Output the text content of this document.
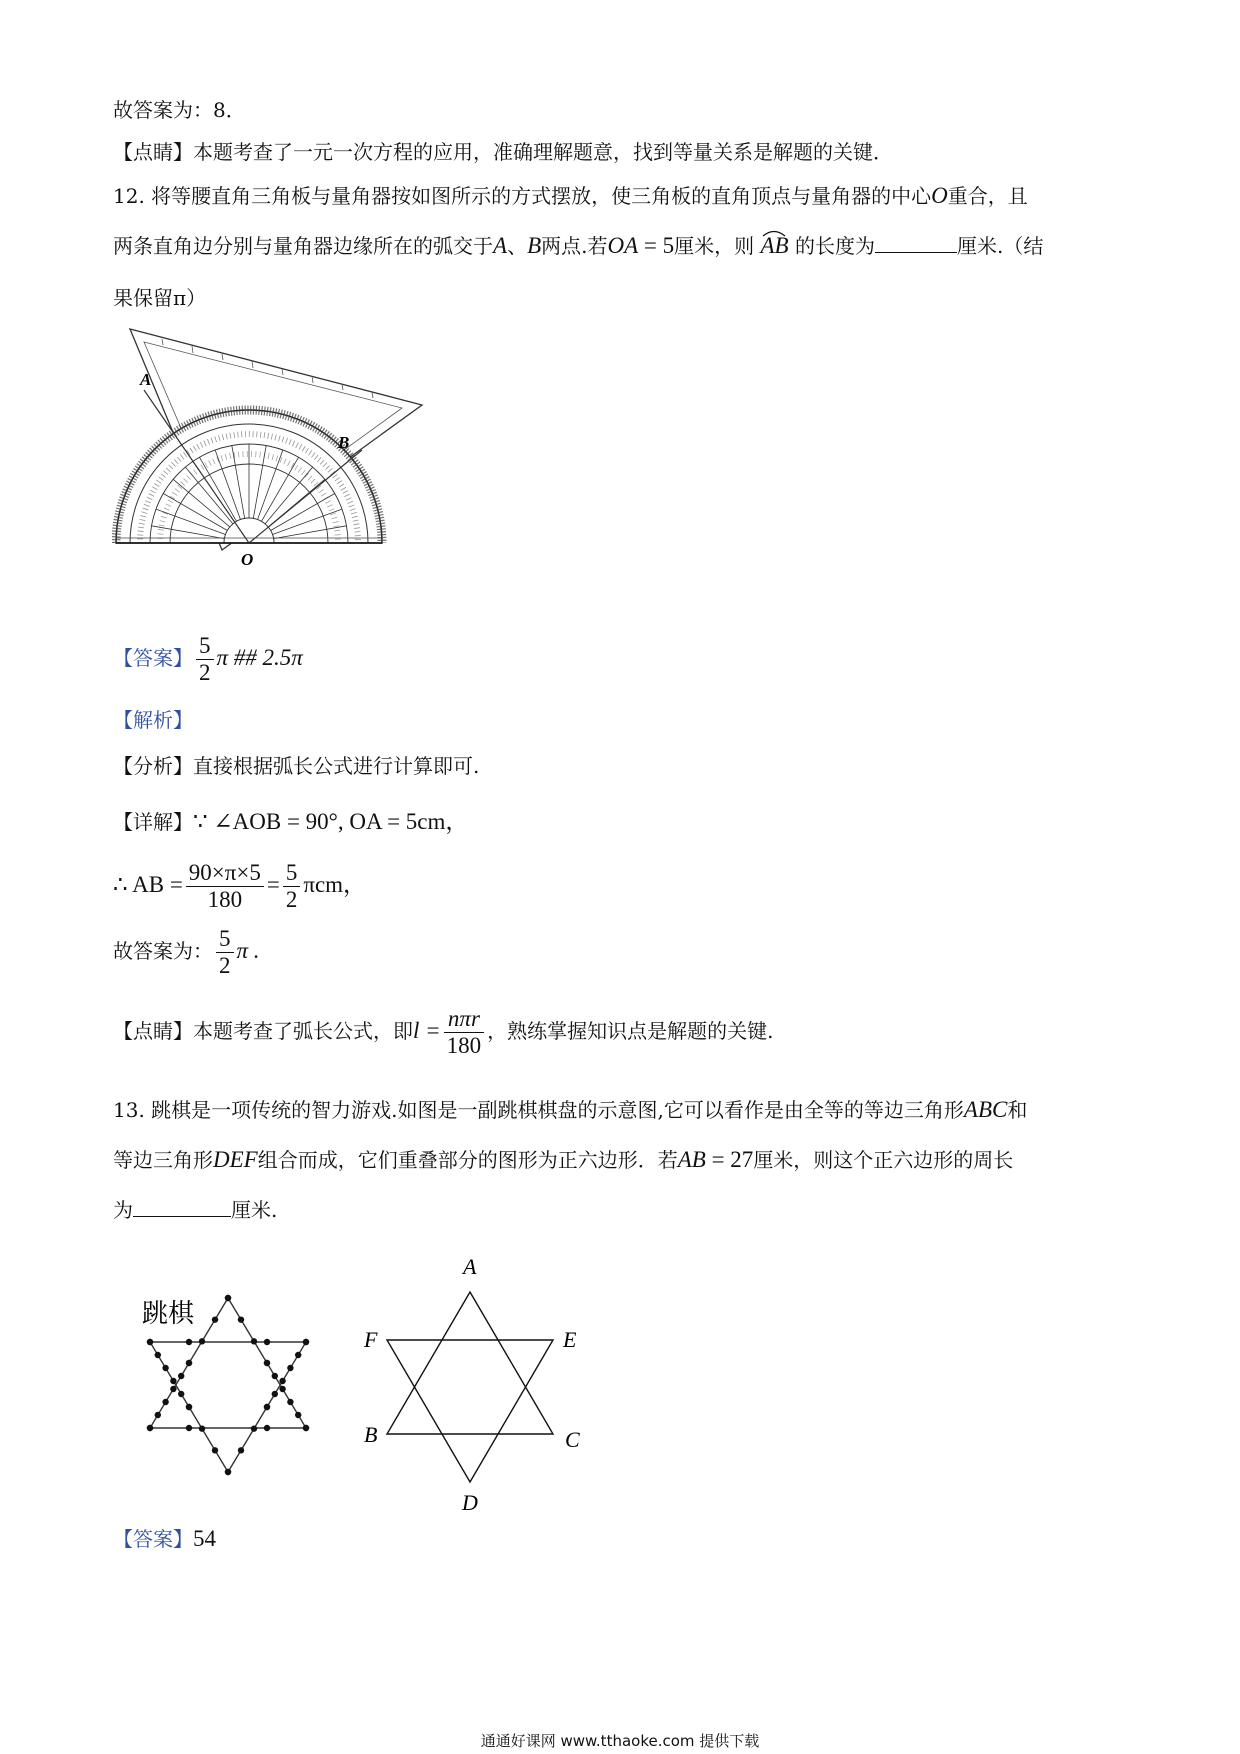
故答案为：8．
【点睛】本题考查了一元一次方程的应用，准确理解题意，找到等量关系是解题的关键．
12. 将等腰直角三角板与量角器按如图所示的方式摆放，使三角板的直角顶点与量角器的中心O重合，且
两条直角边分别与量角器边缘所在的弧交于A、B两点.若OA = 5厘米，则 AB 的长度为	厘米.（结
果保留π）
A
B
O
【答案】 $\frac{5}{2}$ π ## 2.5π
【解析】
【分析】直接根据弧长公式进行计算即可.
【详解】∵ ∠AOB = 90°, OA = 5cm，
∴ AB = $\frac{90\times\pi\times 5}{180} = \frac{5}{2}$ πcm，
故答案为： $\frac{5}{2}$ π .
【点睛】本题考查了弧长公式，即$l = \frac{\text{nπr}}{180}$ ，熟练掌握知识点是解题的关键.
13. 跳棋是一项传统的智力游戏.如图是一副跳棋棋盘的示意图,它可以看作是由全等的等边三角形ABC和
等边三角形DEF组合而成，它们重叠部分的图形为正六边形．若AB = 27厘米，则这个正六边形的周长
为	厘米.
跳棋
A
B	C
D
E
F
【答案】54
通通好课网 www.tthaoke.com 提供下载
